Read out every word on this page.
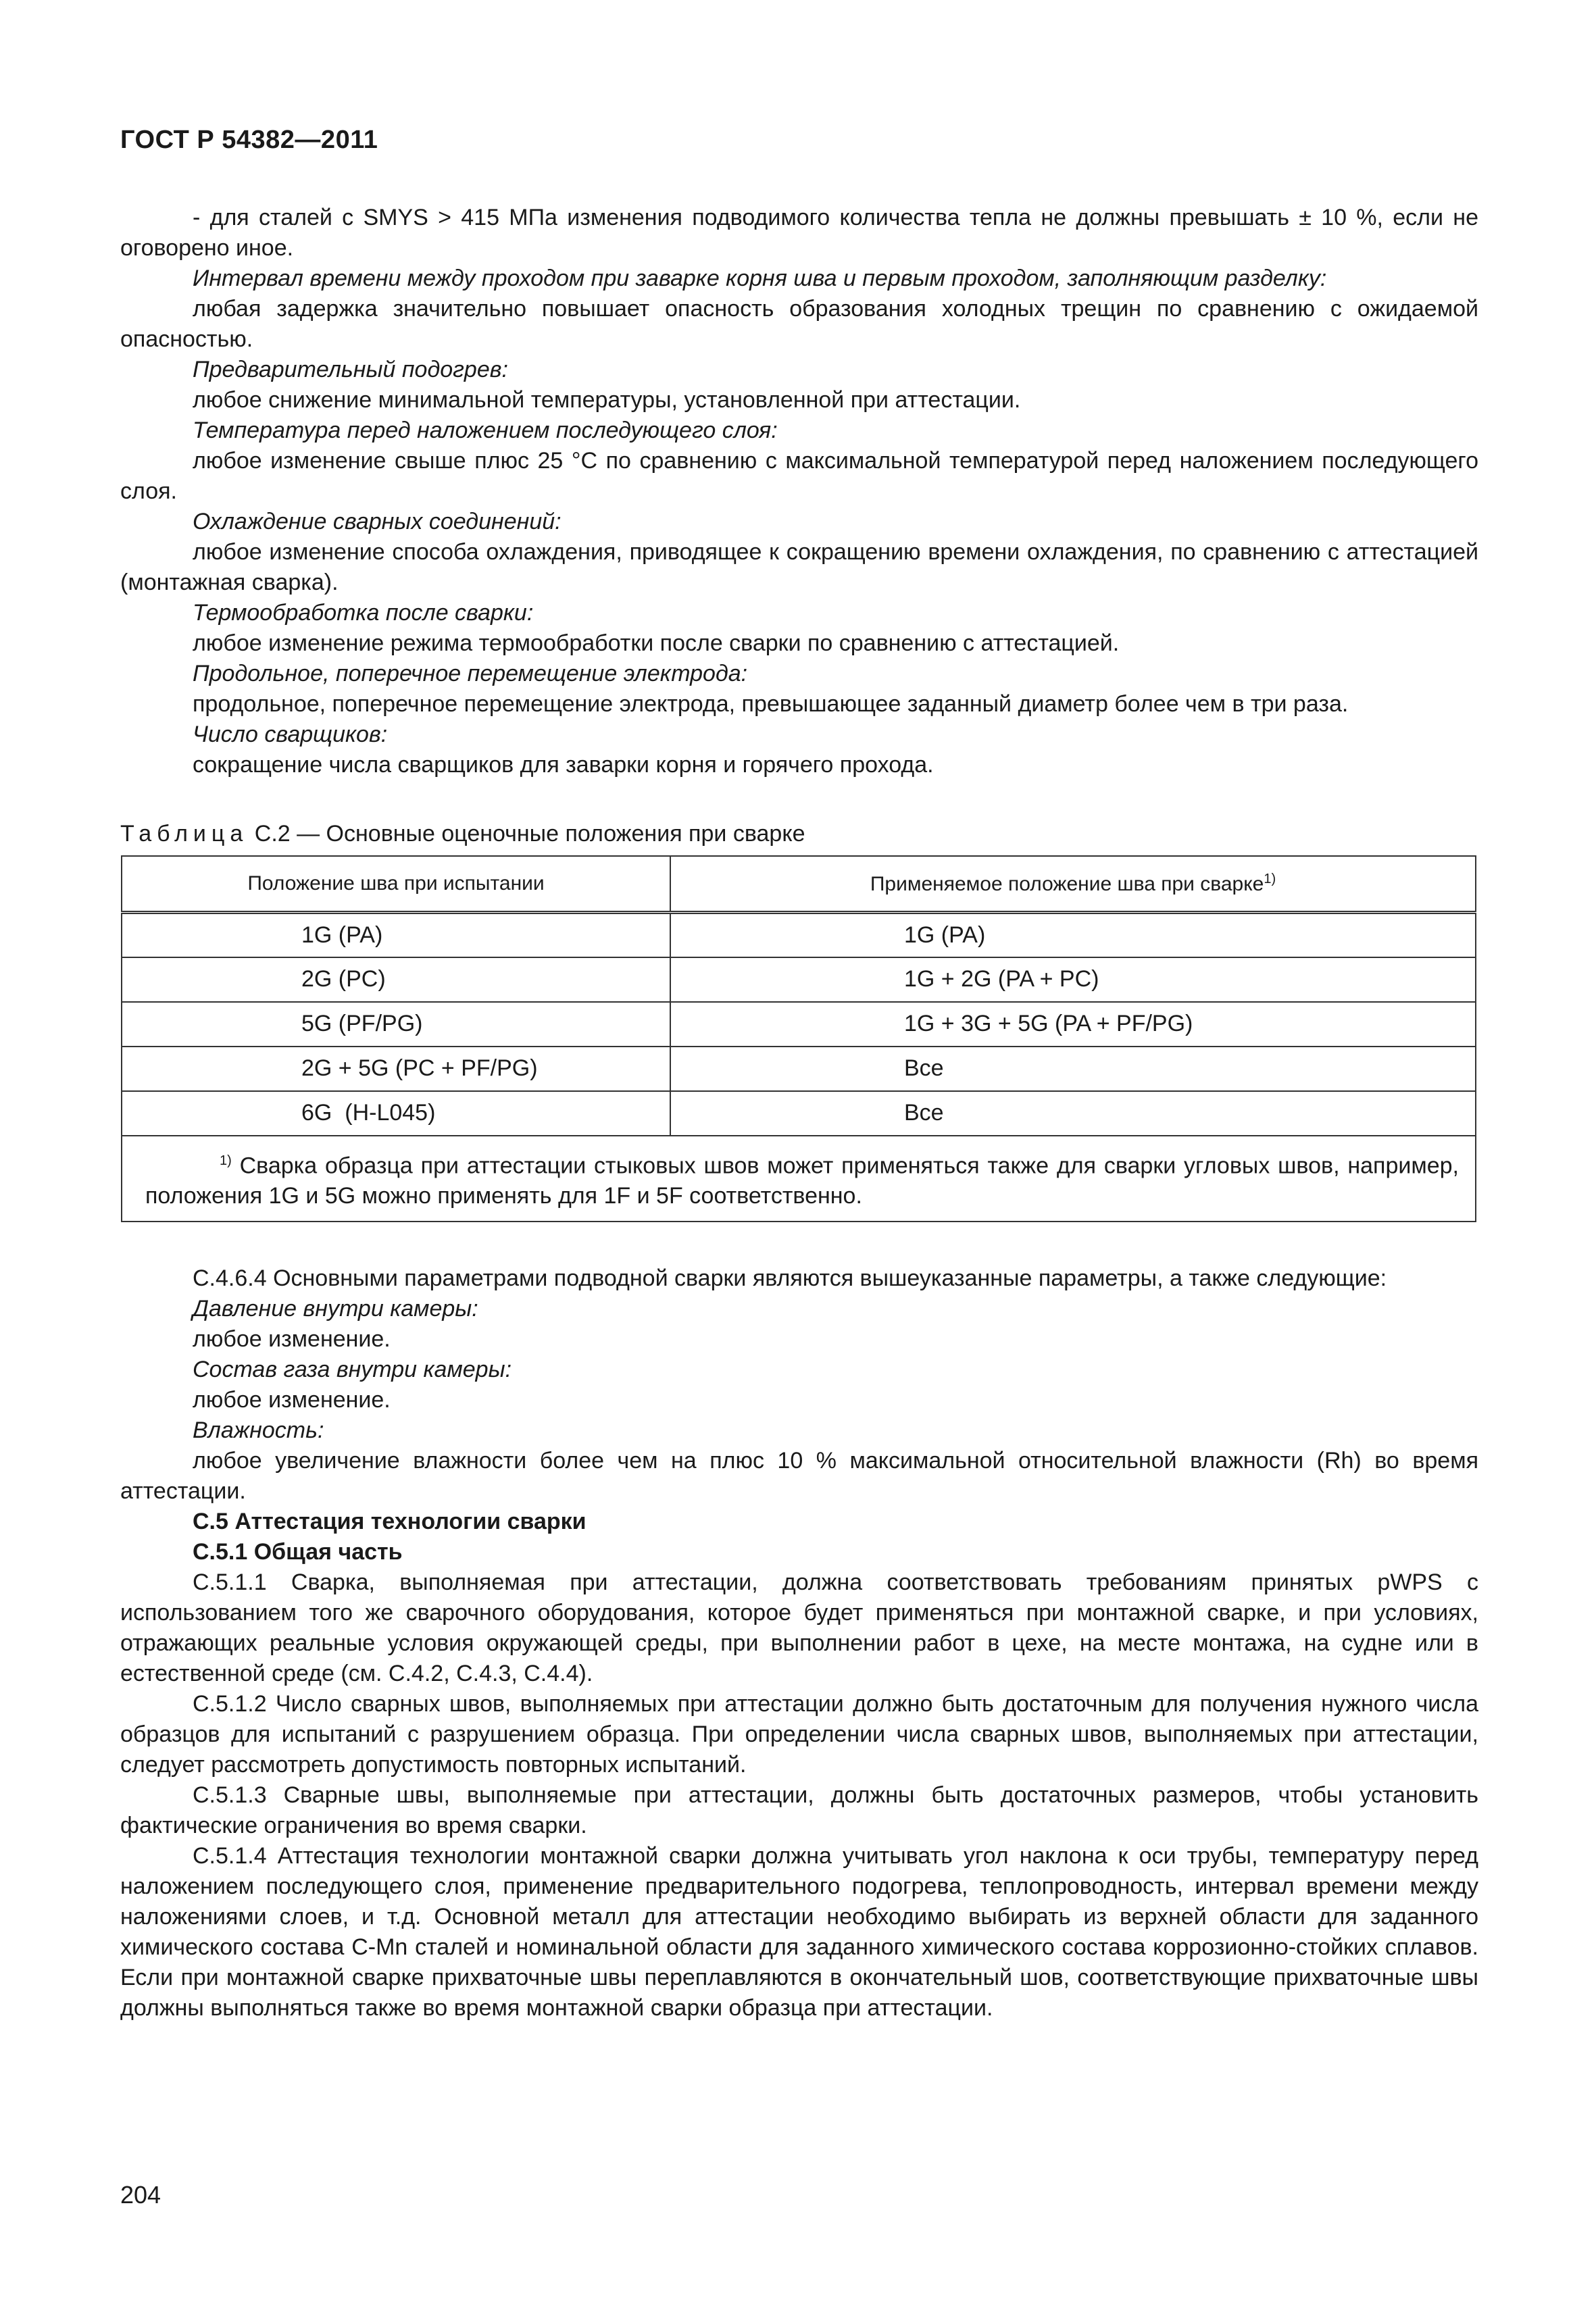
ГОСТ Р 54382—2011

- для сталей с SMYS > 415 МПа изменения подводимого количества тепла не должны превышать ± 10 %, если не оговорено иное.

Интервал времени между проходом при заварке корня шва и первым проходом, заполняющим разделку:

любая задержка значительно повышает опасность образования холодных трещин по сравнению с ожидаемой опасностью.

Предварительный подогрев:

любое снижение минимальной температуры, установленной при аттестации.

Температура перед наложением последующего слоя:

любое изменение свыше плюс 25 °С по сравнению с максимальной температурой перед наложением последующего слоя.

Охлаждение сварных соединений:

любое изменение способа охлаждения, приводящее к сокращению времени охлаждения, по сравнению с аттестацией (монтажная сварка).

Термообработка после сварки:

любое изменение режима термообработки после сварки по сравнению с аттестацией.

Продольное, поперечное перемещение электрода:

продольное, поперечное перемещение электрода, превышающее заданный диаметр более чем в три раза.

Число сварщиков:

сокращение числа сварщиков для заварки корня и горячего прохода.

Таблица С.2 — Основные оценочные положения при сварке
Положение шва при испытании	Применяемое положение шва при сварке$^{1)}$
1G (PA)	1G (PA)
2G (PC)	1G + 2G (PA + PC)
5G (PF/PG)	1G + 3G + 5G (PA + PF/PG)
2G + 5G (PC + PF/PG)	Все
6G  (H-L045)	Все
$^{1)}$ Сварка образца при аттестации стыковых швов может применяться также для сварки угловых швов, например, положения 1G и 5G можно применять для 1F и 5F соответственно.	

С.4.6.4 Основными параметрами подводной сварки являются вышеуказанные параметры, а также следующие:

Давление внутри камеры:

любое изменение.

Состав газа внутри камеры:

любое изменение.

Влажность:

любое увеличение влажности более чем на плюс 10 % максимальной относительной влажности (Rh) во время аттестации.

С.5 Аттестация технологии сварки

С.5.1 Общая часть

С.5.1.1 Сварка, выполняемая при аттестации, должна соответствовать требованиям принятых pWPS с использованием того же сварочного оборудования, которое будет применяться при монтажной сварке, и при условиях, отражающих реальные условия окружающей среды, при выполнении работ в цехе, на месте монтажа, на судне или в естественной среде (см. С.4.2, С.4.3, С.4.4).

С.5.1.2 Число сварных швов, выполняемых при аттестации должно быть достаточным для получения нужного числа образцов для испытаний с разрушением образца. При определении числа сварных швов, выполняемых при аттестации, следует рассмотреть допустимость повторных испытаний.

С.5.1.3 Сварные швы, выполняемые при аттестации, должны быть достаточных размеров, чтобы установить фактические ограничения во время сварки.

С.5.1.4 Аттестация технологии монтажной сварки должна учитывать угол наклона к оси трубы, температуру перед наложением последующего слоя, применение предварительного подогрева, теплопроводность, интервал времени между наложениями слоев, и т.д. Основной металл для аттестации необходимо выбирать из верхней области для заданного химического состава С-Mn сталей и номинальной области для заданного химического состава коррозионно-стойких сплавов. Если при монтажной сварке прихваточные швы переплавляются в окончательный шов, соответствующие прихваточные швы должны выполняться также во время монтажной сварки образца при аттестации.

204
